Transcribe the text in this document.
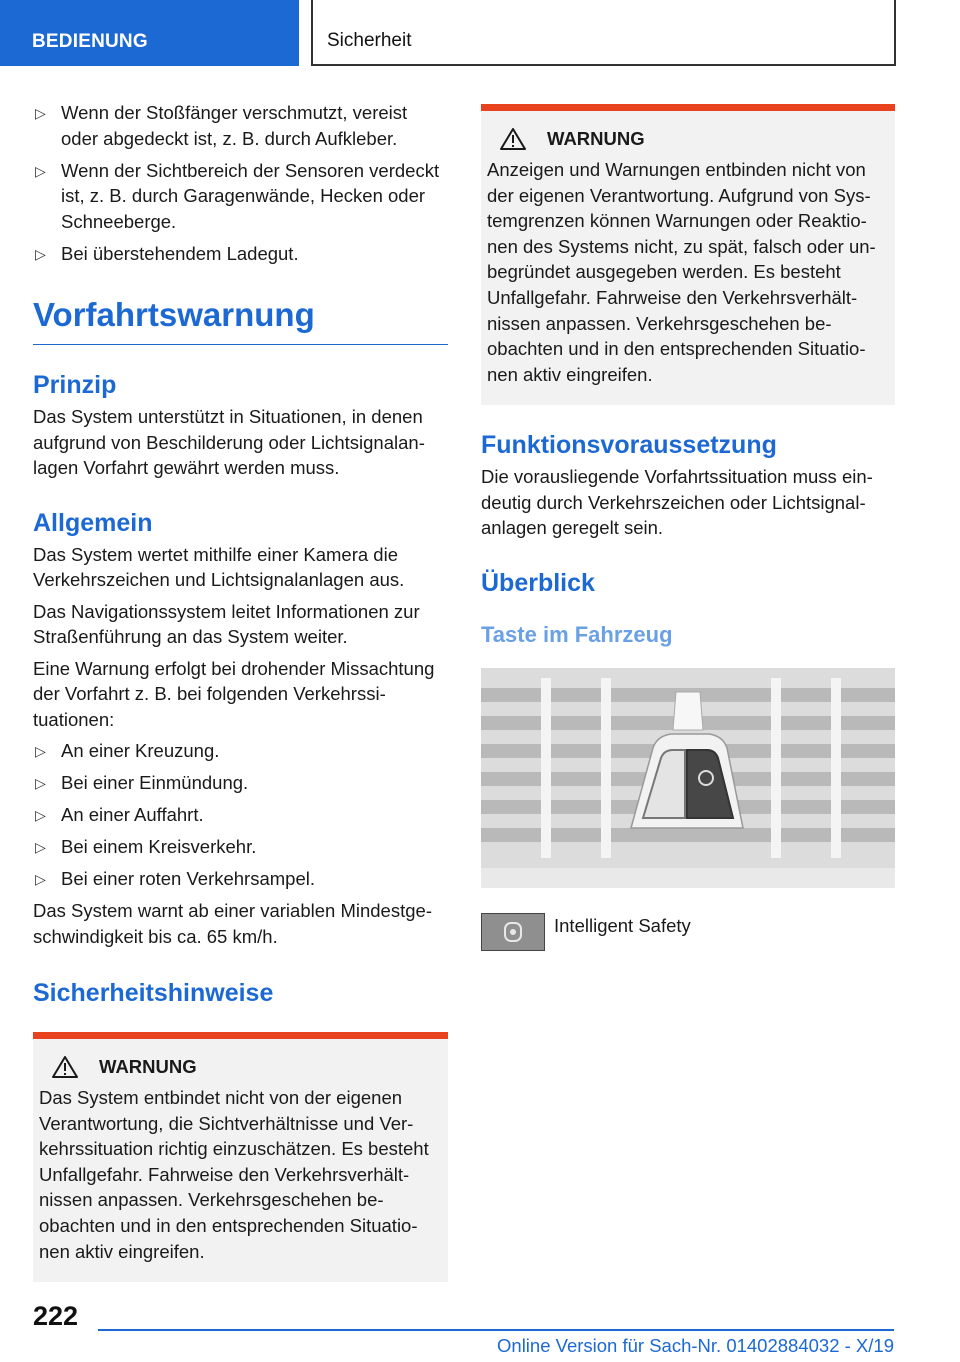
BEDIENUNG	Sicherheit
▷ Wenn der Stoßfänger verschmutzt, vereist oder abgedeckt ist, z. B. durch Aufkleber.
▷ Wenn der Sichtbereich der Sensoren verdeckt ist, z. B. durch Garagenwände, Hecken oder Schneeberge.
▷ Bei überstehendem Ladegut.
Vorfahrtswarnung
Prinzip

Das System unterstützt in Situationen, in denen aufgrund von Beschilderung oder Lichtsignalanlagen Vorfahrt gewährt werden muss.

Allgemein

Das System wertet mithilfe einer Kamera die Verkehrszeichen und Lichtsignalanlagen aus.

Das Navigationssystem leitet Informationen zur Straßenführung an das System weiter.

Eine Warnung erfolgt bei drohender Missachtung der Vorfahrt z. B. bei folgenden Verkehrssituationen:

▷ An einer Kreuzung.
▷ Bei einer Einmündung.
▷ An einer Auffahrt.
▷ Bei einem Kreisverkehr.
▷ Bei einer roten Verkehrsampel.

Das System warnt ab einer variablen Mindestgeschwindigkeit bis ca. 65 km/h.

Sicherheitshinweise
WARNUNG

Das System entbindet nicht von der eigenen Verantwortung, die Sichtverhältnisse und Verkehrssituation richtig einzuschätzen. Es besteht Unfallgefahr. Fahrweise den Verkehrsverhältnissen anpassen. Verkehrsgeschehen beobachten und in den entsprechenden Situationen aktiv eingreifen.

WARNUNG

Anzeigen und Warnungen entbinden nicht von der eigenen Verantwortung. Aufgrund von Systemgrenzen können Warnungen oder Reaktionen des Systems nicht, zu spät, falsch oder unbegründet ausgegeben werden. Es besteht Unfallgefahr. Fahrweise den Verkehrsverhältnissen anpassen. Verkehrsgeschehen beobachten und in den entsprechenden Situationen aktiv eingreifen.

Funktionsvoraussetzung

Die vorausliegende Vorfahrtssituation muss eindeutig durch Verkehrszeichen oder Lichtsignalanlagen geregelt sein.

Überblick
Taste im Fahrzeug
Intelligent Safety
222
Online Version für Sach-Nr. 01402884032 - X/19
